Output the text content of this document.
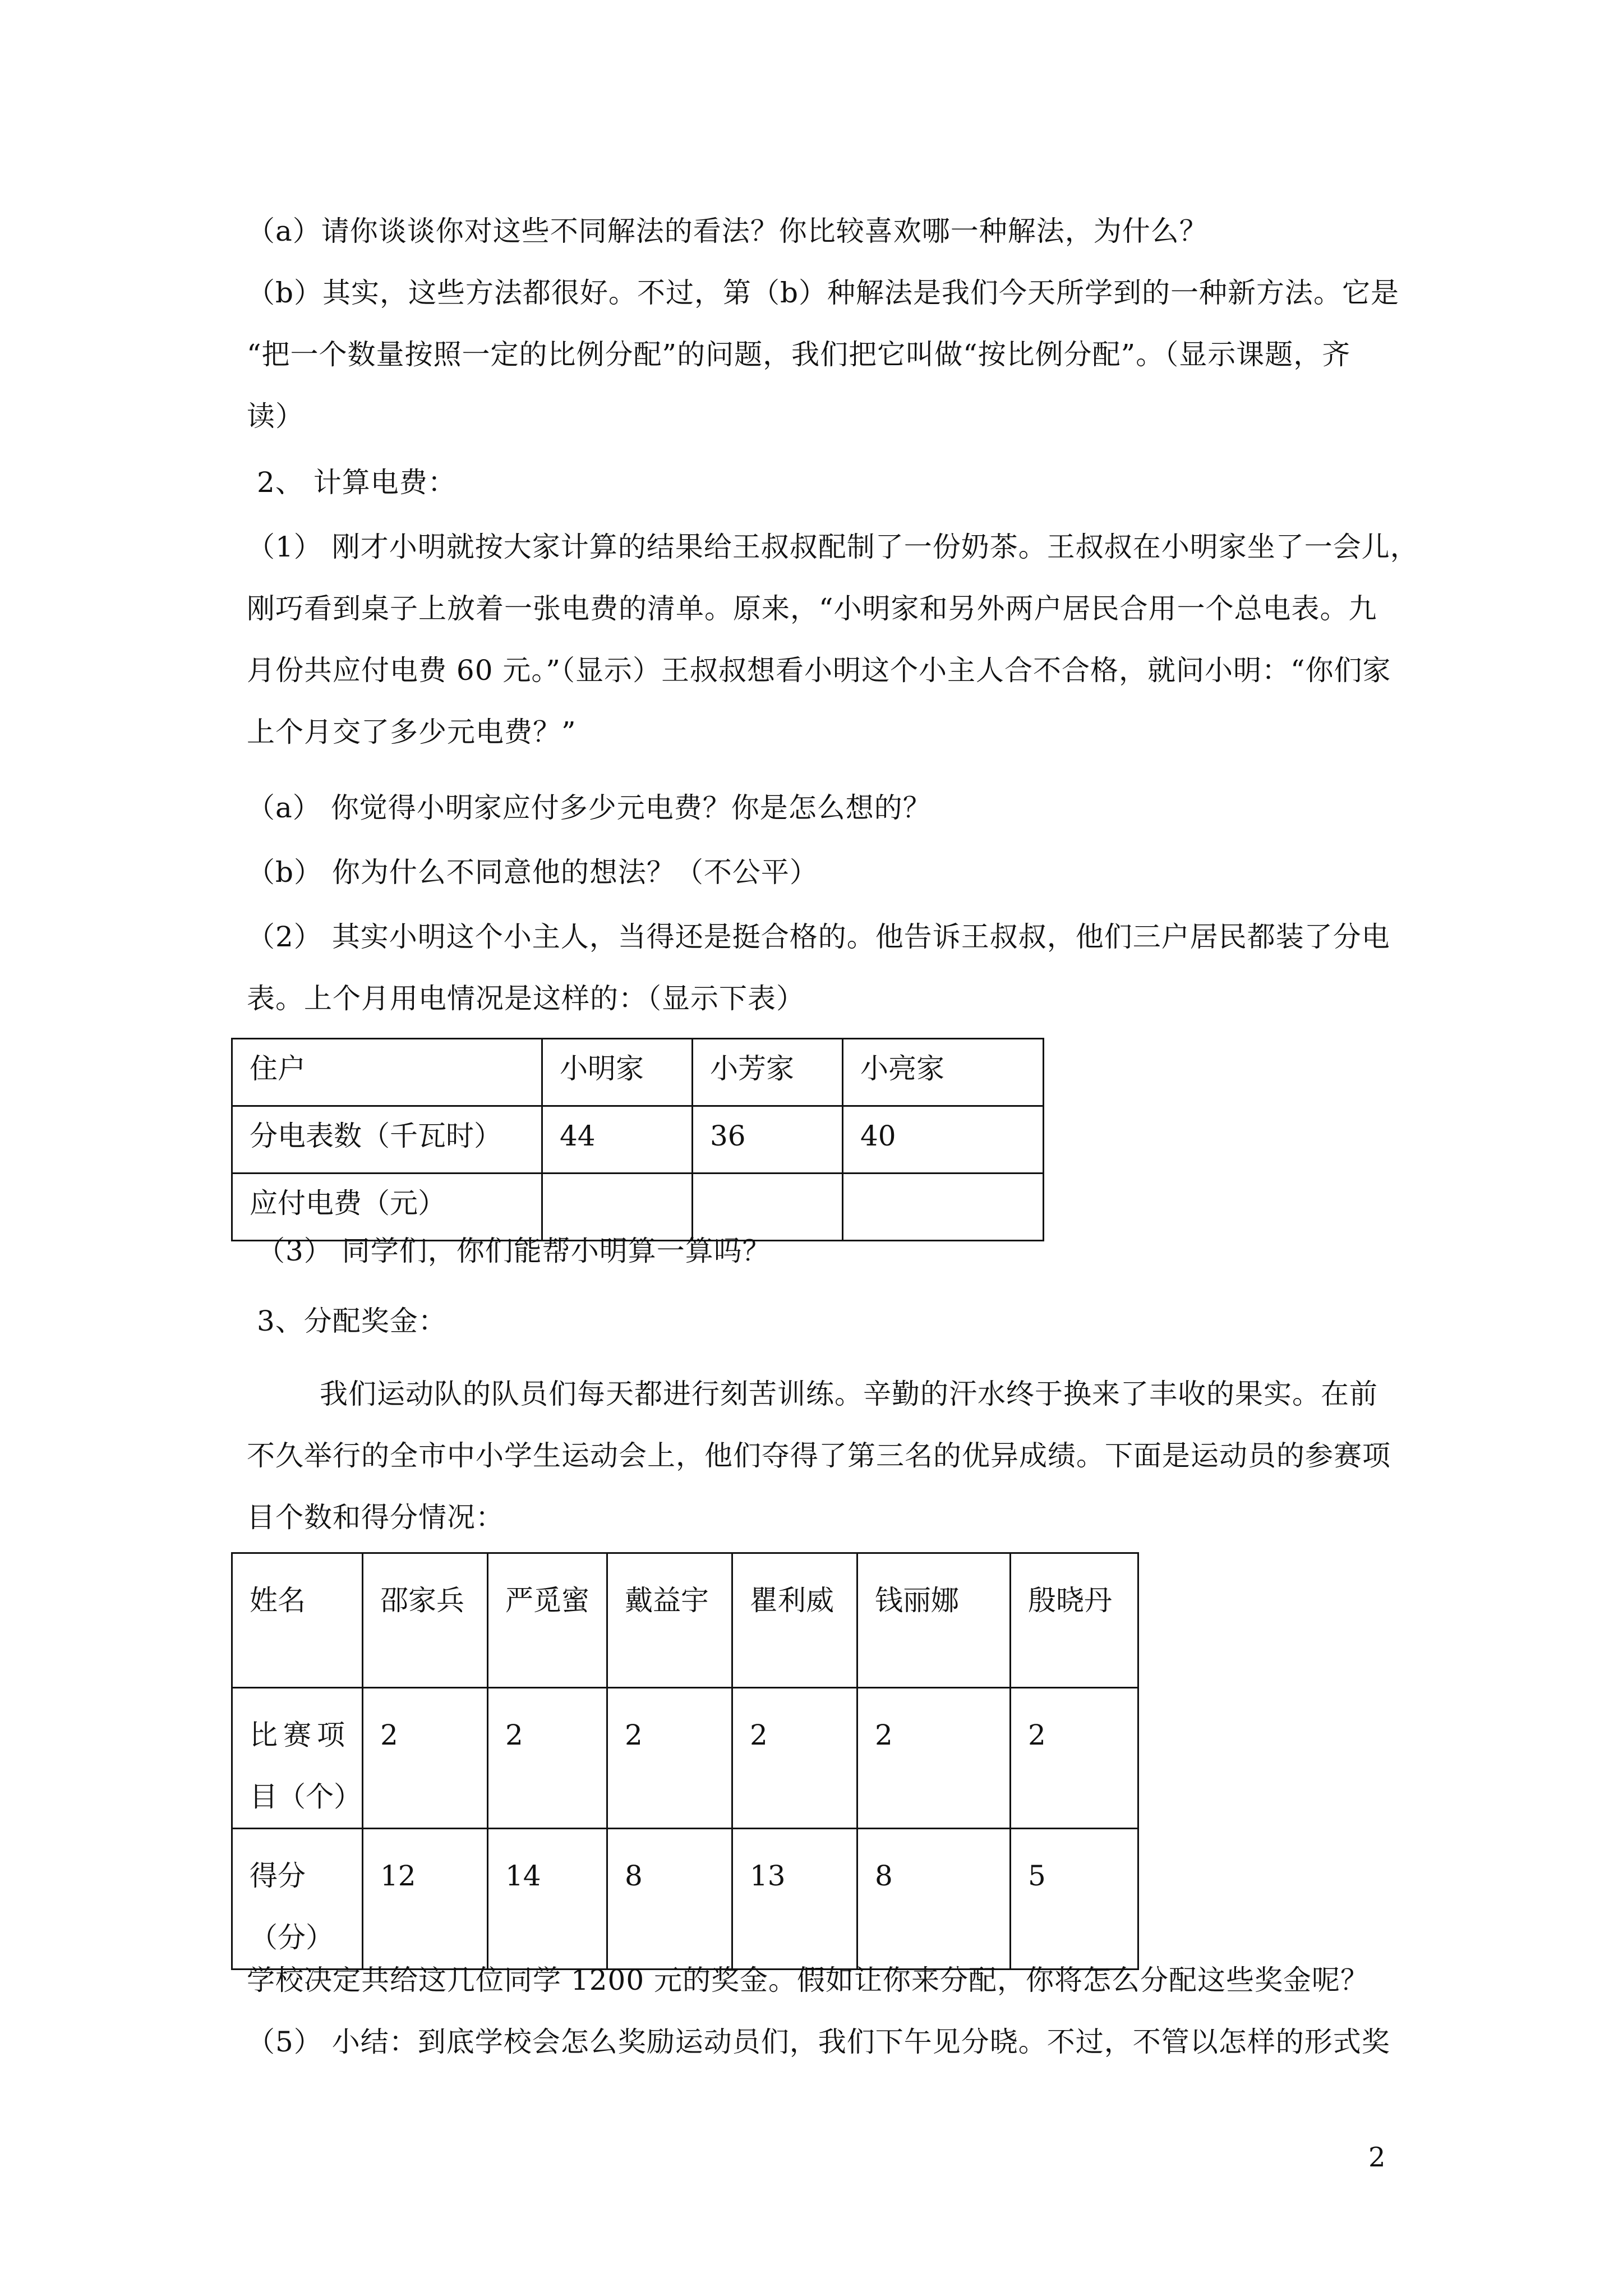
（a）请你谈谈你对这些不同解法的看法？你比较喜欢哪一种解法，为什么？
（b）其实，这些方法都很好。不过，第（b）种解法是我们今天所学到的一种新方法。它是
“把一个数量按照一定的比例分配”的问题，我们把它叫做“按比例分配”。（显示课题，齐
读）
2、 计算电费：
（1） 刚才小明就按大家计算的结果给王叔叔配制了一份奶茶。王叔叔在小明家坐了一会儿，
刚巧看到桌子上放着一张电费的清单。原来，“小明家和另外两户居民合用一个总电表。九
月份共应付电费 60 元。”（显示）王叔叔想看小明这个小主人合不合格，就问小明：“你们家
上个月交了多少元电费？”
（a） 你觉得小明家应付多少元电费？你是怎么想的？
（b） 你为什么不同意他的想法？（不公平）
（2） 其实小明这个小主人，当得还是挺合格的。他告诉王叔叔，他们三户居民都装了分电
表。上个月用电情况是这样的：（显示下表）
住户	小明家	小芳家	小亮家
分电表数（千瓦时）	44	36	40
应付电费（元）			
（3） 同学们，你们能帮小明算一算吗？
3、分配奖金：
我们运动队的队员们每天都进行刻苦训练。辛勤的汗水终于换来了丰收的果实。在前
不久举行的全市中小学生运动会上，他们夺得了第三名的优异成绩。下面是运动员的参赛项
目个数和得分情况：
姓名	邵家兵	严觅蜜	戴益宇	瞿利威	钱丽娜	殷晓丹

比赛项
目（个）	2	2	2	2	2	2

得分
（分）	12	14	8	13	8	5
学校决定共给这几位同学 1200 元的奖金。假如让你来分配，你将怎么分配这些奖金呢？
（5） 小结：到底学校会怎么奖励运动员们，我们下午见分晓。不过，不管以怎样的形式奖
2
